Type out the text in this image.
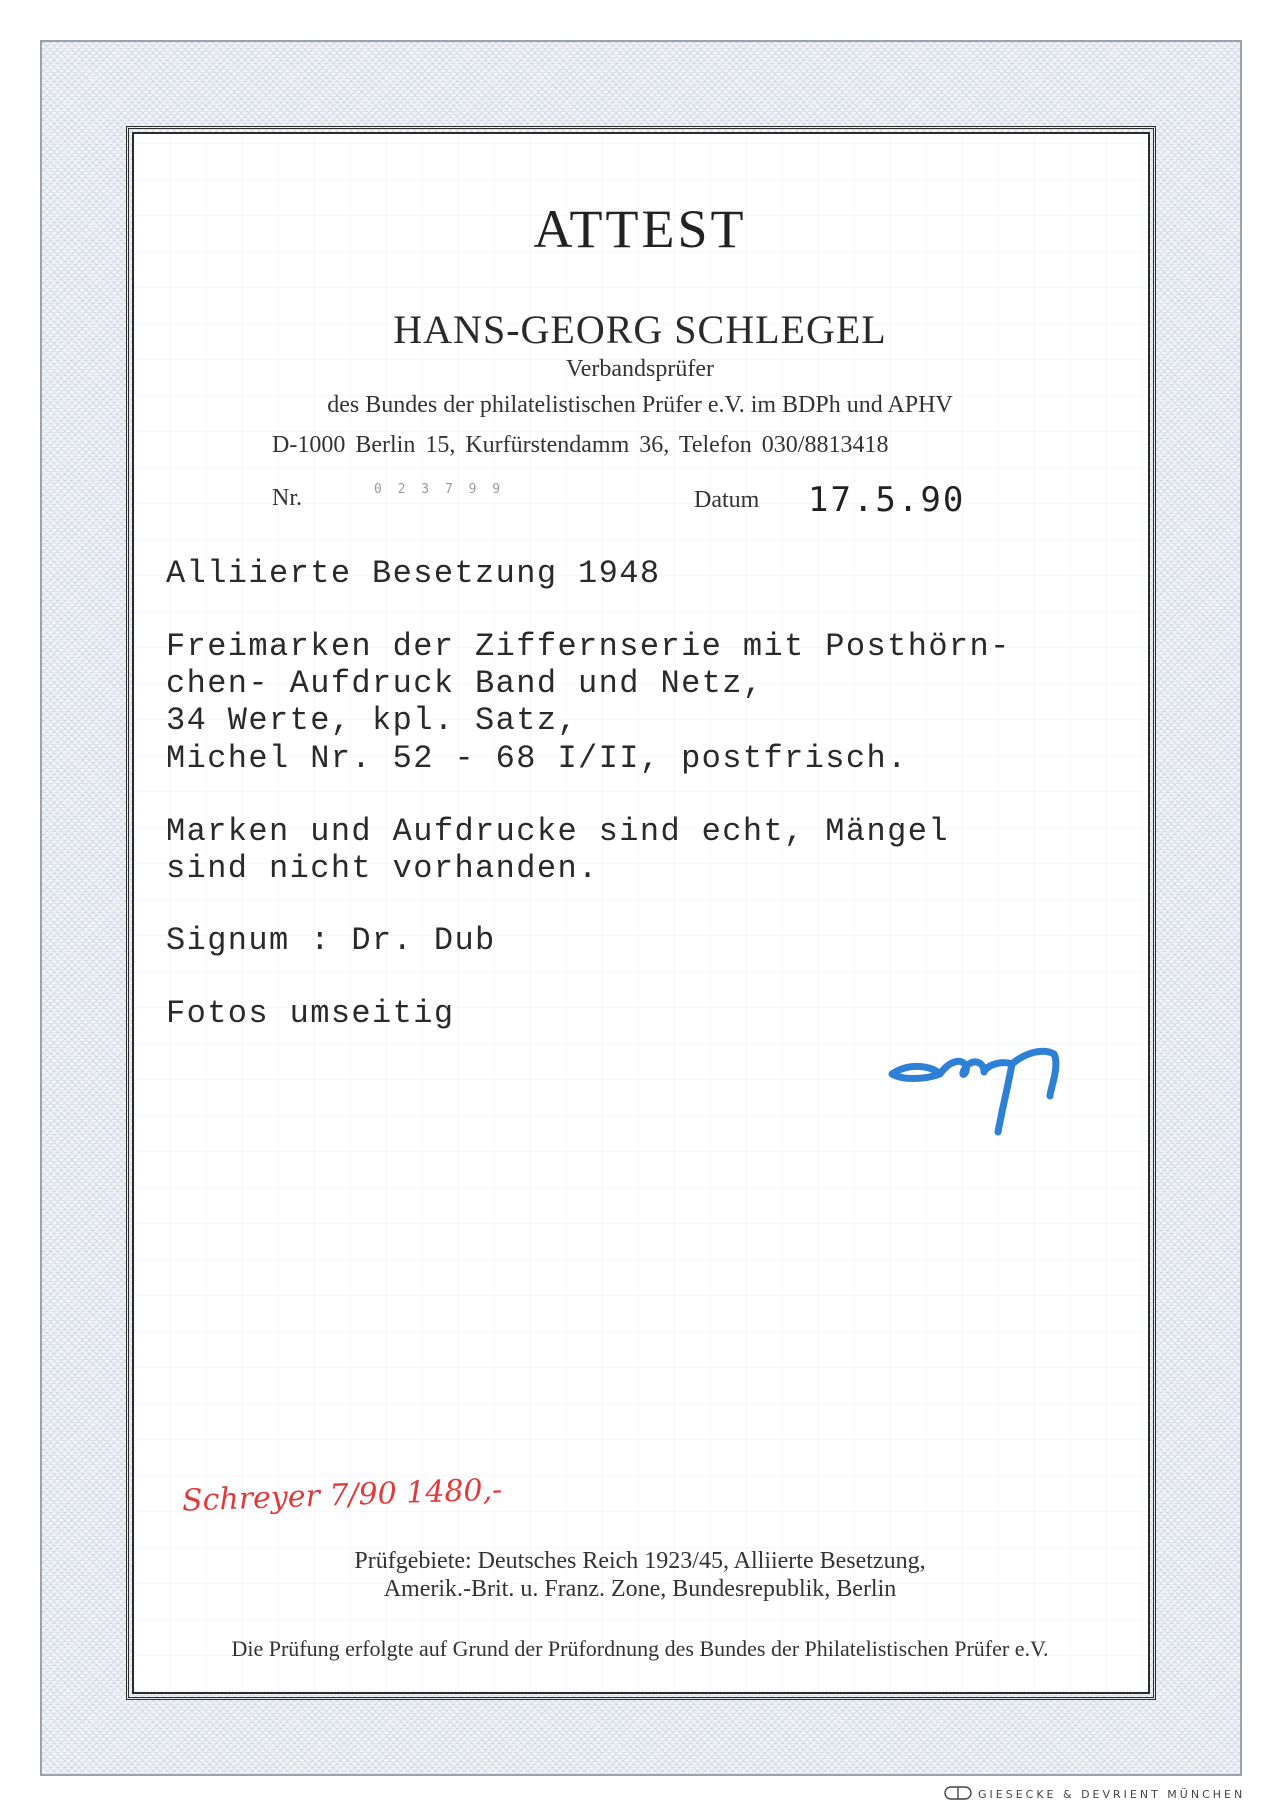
ATTEST
HANS-GEORG SCHLEGEL
Verbandsprüfer
des Bundes der philatelistischen Prüfer e.V. im BDPh und APHV
D-1000 Berlin 15, Kurfürstendamm 36, Telefon 030/8813418
Nr.	0 2 3 7 9 9	Datum 17.5.90
Alliierte Besetzung 1948
Freimarken der Ziffernserie mit Posthörn-
chen- Aufdruck Band und Netz,
34 Werte, kpl. Satz,
Michel Nr. 52 - 68 I/II, postfrisch.
Marken und Aufdrucke sind echt, Mängel
sind nicht vorhanden.
Signum : Dr. Dub
Fotos umseitig
Schreyer 7/90 1480,-
Prüfgebiete: Deutsches Reich 1923/45, Alliierte Besetzung,
Amerik.-Brit. u. Franz. Zone, Bundesrepublik, Berlin
Die Prüfung erfolgte auf Grund der Prüfordnung des Bundes der Philatelistischen Prüfer e.V.
GIESECKE & DEVRIENT MÜNCHEN
